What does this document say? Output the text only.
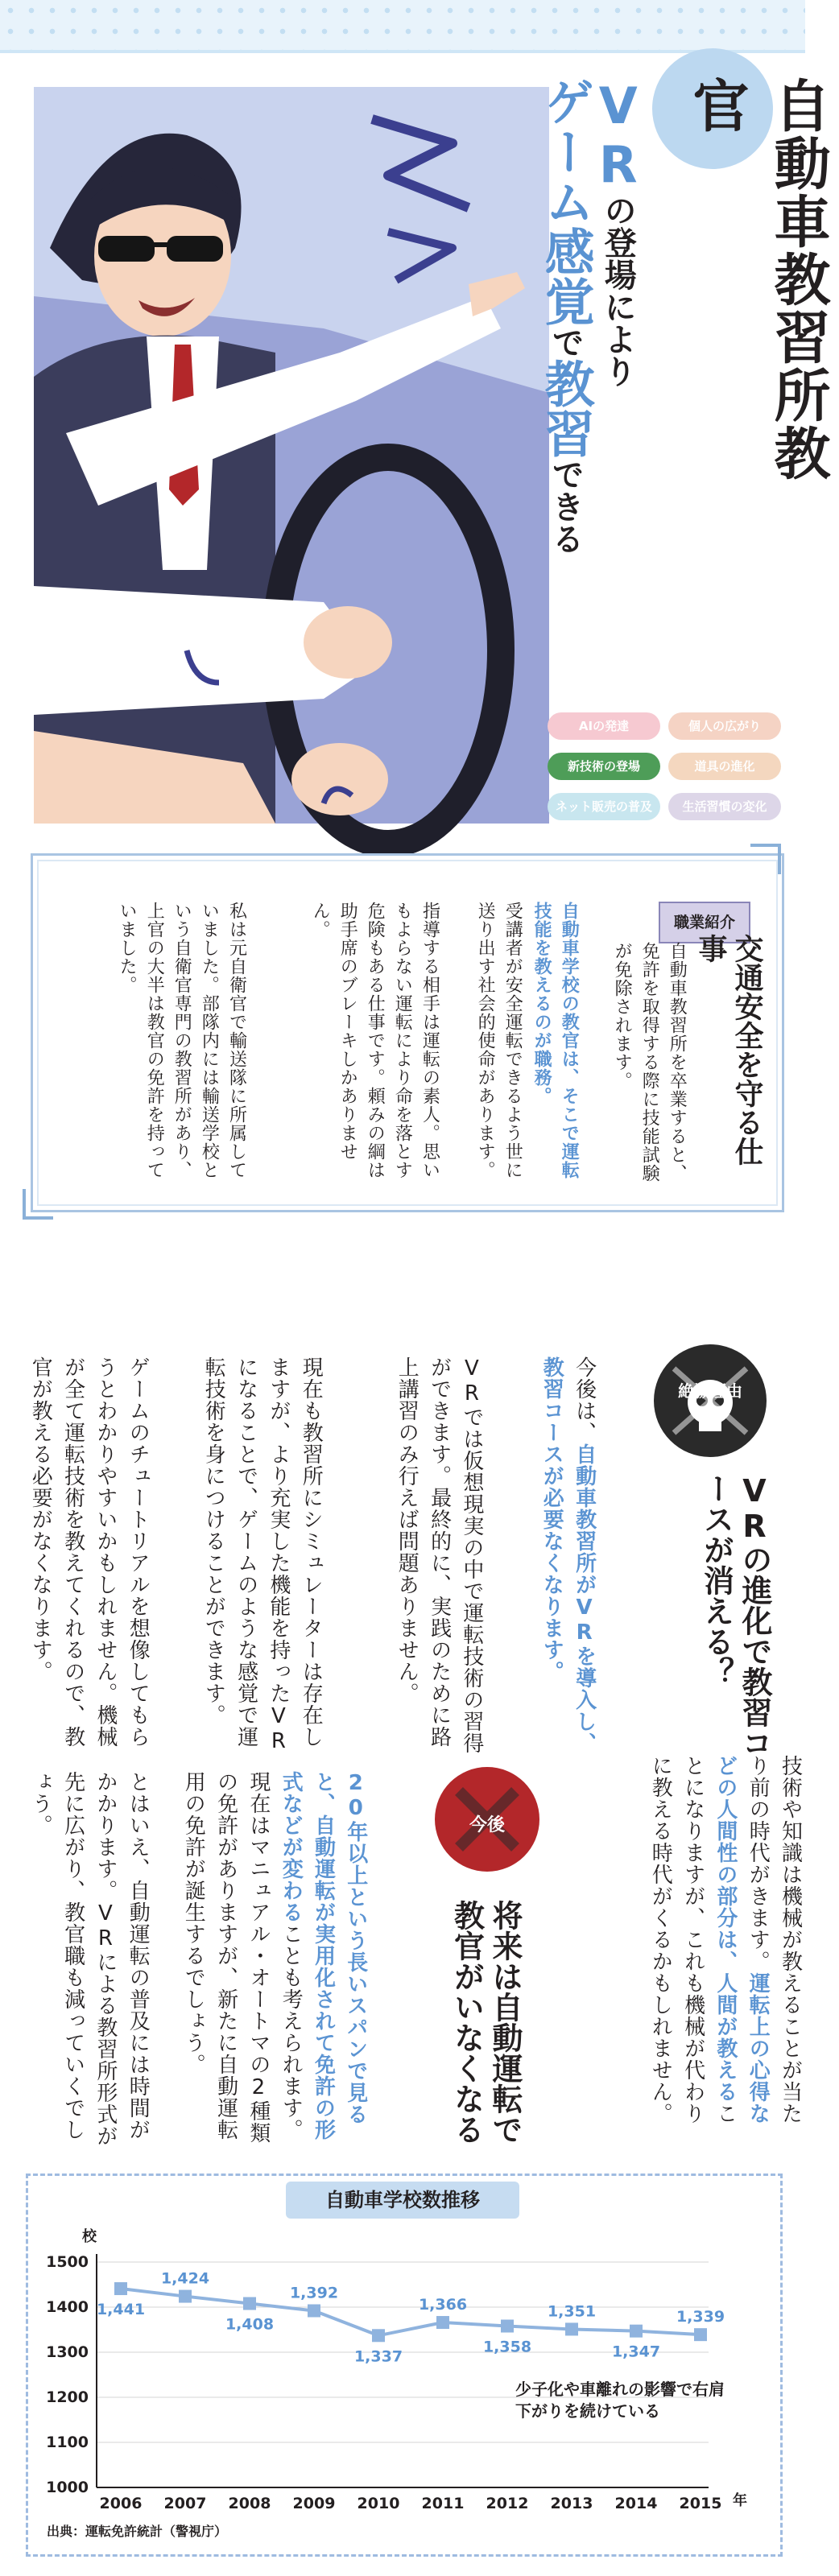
自動車教習所教官
VRの登場により
ゲーム感覚で教習できる
AIの発達	個人の広がり
新技術の登場	道具の進化
ネット販売の普及	生活習慣の変化
職業紹介
交通安全を守る仕事
自動車教習所を卒業すると、免許を取得する際に技能試験が免除されます。
自動車学校の教官は、そこで運転技能を教えるのが職務。
受講者が安全運転できるよう世に送り出す社会的使命があります。
指導する相手は運転の素人。思いもよらない運転により命を落とす危険もある仕事です。頼みの綱は助手席のブレーキしかありません。
私は元自衛官で輸送隊に所属していました。部隊内には輸送学校という自衛官専門の教習所があり、上官の大半は教官の免許を持っていました。
絶滅理由
VRの進化で教習コースが消える？
今後は、自動車教習所がVRを導入し、教習コースが必要なくなります。
VRでは仮想現実の中で運転技術の習得ができます。最終的に、実践のために路上講習のみ行えば問題ありません。
現在も教習所にシミュレーターは存在しますが、より充実した機能を持ったVRになることで、ゲームのような感覚で運転技術を身につけることができます。
ゲームのチュートリアルを想像してもらうとわかりやすいかもしれません。機械が全て運転技術を教えてくれるので、教官が教える必要がなくなります。
技術や知識は機械が教えることが当たり前の時代がきます。運転上の心得などの人間性の部分は、人間が教えることになりますが、これも機械が代わりに教える時代がくるかもしれません。
将来は自動運転で教官がいなくなる
今後
20年以上という長いスパンで見ると、自動運転が実用化されて免許の形式などが変わることも考えられます。現在はマニュアル・オートマの2種類の免許がありますが、新たに自動運転用の免許が誕生するでしょう。
とはいえ、自動運転の普及には時間がかかります。VRによる教習所形式が先に広がり、教官職も減っていくでしょう。
自動車学校数推移
校
年
1000
1100
1200
1300
1400
1500
2006 2007 2008 2009 2010 2011 2012 2013 2014 2015
1,441
1,424
1,408
1,392
1,337
1,366
1,358
1,351
1,347
1,339
少子化や車離れの影響で右肩下がりを続けている
出典：運転免許統計（警視庁）
